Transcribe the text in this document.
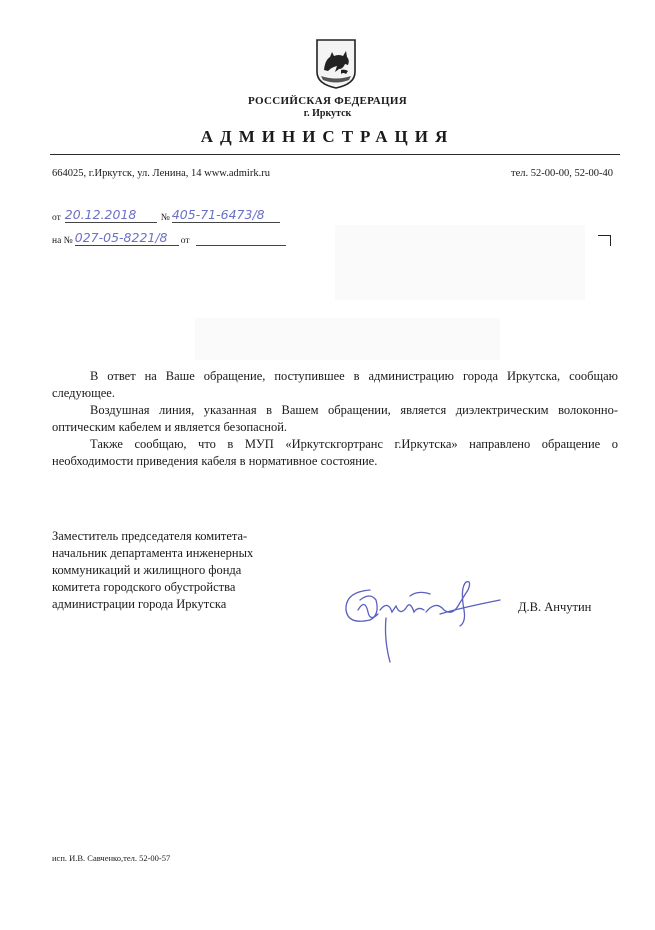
РОССИЙСКАЯ ФЕДЕРАЦИЯ
г. Иркутск
АДМИНИСТРАЦИЯ
664025, г.Иркутск, ул. Ленина, 14 www.admirk.ru	тел. 52-00-00, 52-00-40
от 20.12.2018	№ 405-71-6473/8
на № 027-05-8221/8	от

В ответ на Ваше обращение, поступившее в администрацию города Иркутска, сообщаю следующее.

Воздушная линия, указанная в Вашем обращении, является диэлектрическим волоконно-оптическим кабелем и является безопасной.

Также сообщаю, что в МУП «Иркутскгортранс г.Иркутска» направлено обращение о необходимости приведения кабеля в нормативное состояние.

Заместитель председателя комитета-
начальник департамента инженерных
коммуникаций и жилищного фонда
комитета городского обустройства
администрации города Иркутска	Д.В. Анчутин
исп. И.В. Савченко,тел. 52-00-57
